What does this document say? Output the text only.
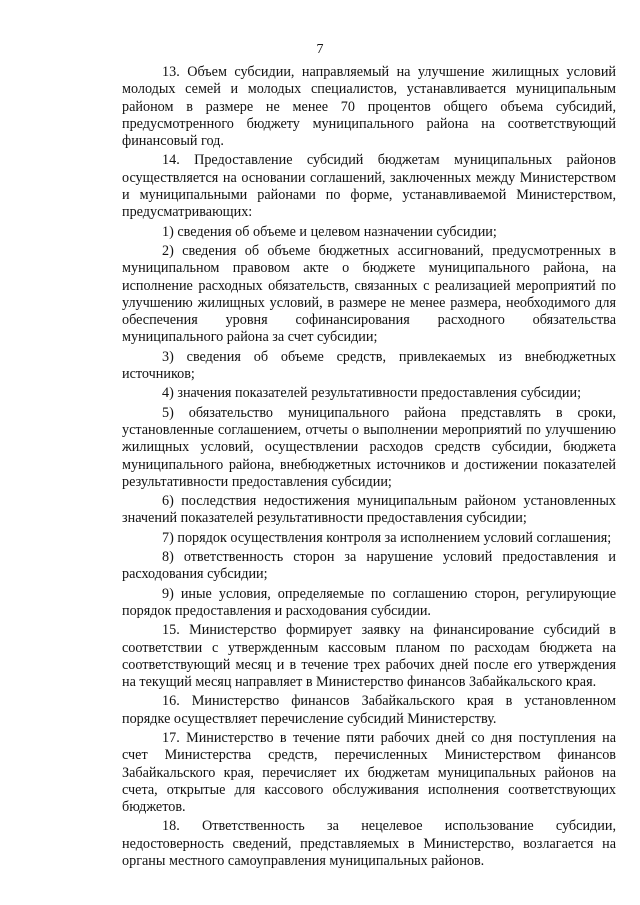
7

13. Объем субсидии, направляемый на улучшение жилищных условий молодых семей и молодых специалистов, устанавливается муниципальным районом в размере не менее 70 процентов общего объема субсидий, предусмотренного бюджету муниципального района на соответствующий финансовый год.

14. Предоставление субсидий бюджетам муниципальных районов осуществляется на основании соглашений, заключенных между Министерством и муниципальными районами по форме, устанавливаемой Министерством, предусматривающих:

1) сведения об объеме и целевом назначении субсидии;

2) сведения об объеме бюджетных ассигнований, предусмотренных в муниципальном правовом акте о бюджете муниципального района, на исполнение расходных обязательств, связанных с реализацией мероприятий по улучшению жилищных условий, в размере не менее размера, необходимого для обеспечения уровня софинансирования расходного обязательства муниципального района за счет субсидии;

3) сведения об объеме средств, привлекаемых из внебюджетных источников;

4) значения показателей результативности предоставления субсидии;

5) обязательство муниципального района представлять в сроки, установленные соглашением, отчеты о выполнении мероприятий по улучшению жилищных условий, осуществлении расходов средств субсидии, бюджета муниципального района, внебюджетных источников и достижении показателей результативности предоставления субсидии;

6) последствия недостижения муниципальным районом установленных значений показателей результативности предоставления субсидии;

7) порядок осуществления контроля за исполнением условий соглашения;

8) ответственность сторон за нарушение условий предоставления и расходования субсидии;

9) иные условия, определяемые по соглашению сторон, регулирующие порядок предоставления и расходования субсидии.

15. Министерство формирует заявку на финансирование субсидий в соответствии с утвержденным кассовым планом по расходам бюджета на соответствующий месяц и в течение трех рабочих дней после его утверждения на текущий месяц направляет в Министерство финансов Забайкальского края.

16. Министерство финансов Забайкальского края в установленном порядке осуществляет перечисление субсидий Министерству.

17. Министерство в течение пяти рабочих дней со дня поступления на счет Министерства средств, перечисленных Министерством финансов Забайкальского края, перечисляет их бюджетам муниципальных районов на счета, открытые для кассового обслуживания исполнения соответствующих бюджетов.

18. Ответственность за нецелевое использование субсидии, недостоверность сведений, представляемых в Министерство, возлагается на органы местного самоуправления муниципальных районов.
